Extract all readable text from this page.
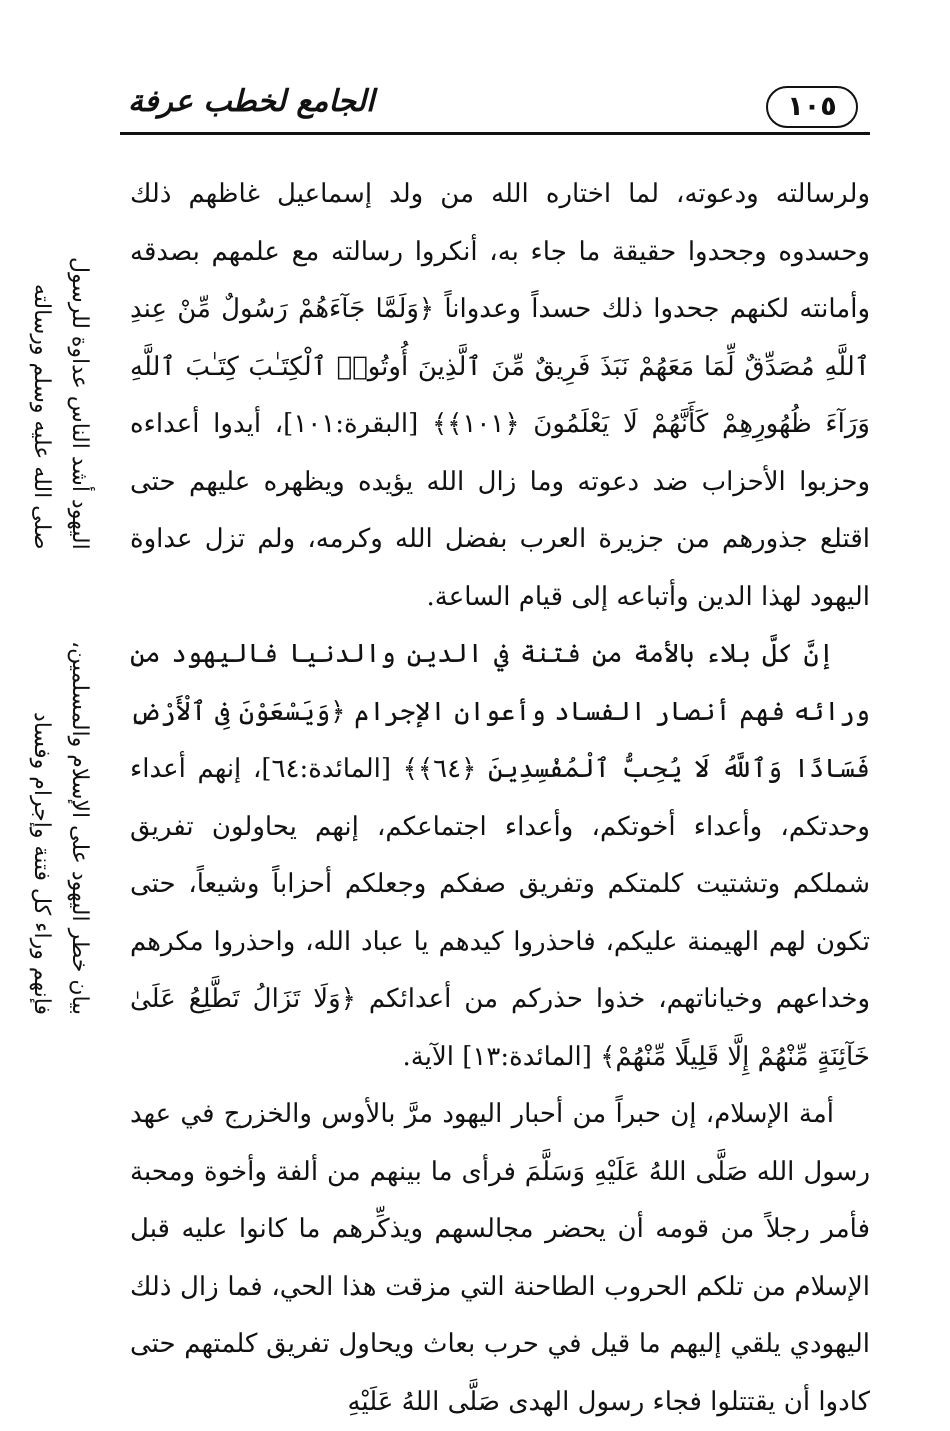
١٠٥
الجامع لخطب عرفة
اليهود أشد الناس عداوة للرسول
صلى الله عليه وسلم ورسالته
بيان خطر اليهود على الإسلام والمسلمين،
فإنهم وراء كل فتنة وإجرام وفساد

ولرسالته ودعوته، لما اختاره الله من ولد إسماعيل غاظهم ذلك وحسدوه وجحدوا حقيقة ما جاء به، أنكروا رسالته مع علمهم بصدقه وأمانته لكنهم جحدوا ذلك حسداً وعدواناً ﴿وَلَمَّا جَآءَهُمْ رَسُولٌ مِّنْ عِندِ ٱللَّهِ مُصَدِّقٌ لِّمَا مَعَهُمْ نَبَذَ فَرِيقٌ مِّنَ ٱلَّذِينَ أُوتُوا۟ ٱلْكِتَـٰبَ كِتَـٰبَ ٱللَّهِ وَرَآءَ ظُهُورِهِمْ كَأَنَّهُمْ لَا يَعْلَمُونَ ﴿١٠١﴾﴾ [البقرة:١٠١]، أيدوا أعداءه وحزبوا الأحزاب ضد دعوته وما زال الله يؤيده ويظهره عليهم حتى اقتلع جذورهم من جزيرة العرب بفضل الله وكرمه، ولم تزل عداوة اليهود لهذا الدين وأتباعه إلى قيام الساعة.

إنَّ كلَّ بلاء بالأمة من فتنة في الدين والدنيا فاليهود من ورائه فهم أنصار الفساد وأعوان الإجرام ﴿وَيَسْعَوْنَ فِى ٱلْأَرْضِ فَسَادًا وَٱللَّهُ لَا يُحِبُّ ٱلْمُفْسِدِينَ ﴿٦٤﴾﴾ [المائدة:٦٤]، إنهم أعداء وحدتكم، وأعداء أخوتكم، وأعداء اجتماعكم، إنهم يحاولون تفريق شملكم وتشتيت كلمتكم وتفريق صفكم وجعلكم أحزاباً وشيعاً، حتى تكون لهم الهيمنة عليكم، فاحذروا كيدهم يا عباد الله، واحذروا مكرهم وخداعهم وخياناتهم، خذوا حذركم من أعدائكم ﴿وَلَا تَزَالُ تَطَّلِعُ عَلَىٰ خَآئِنَةٍ مِّنْهُمْ إِلَّا قَلِيلًا مِّنْهُمْ﴾ [المائدة:١٣] الآية.

أمة الإسلام، إن حبراً من أحبار اليهود مرَّ بالأوس والخزرج في عهد رسول الله صَلَّى اللهُ عَلَيْهِ وَسَلَّمَ فرأى ما بينهم من ألفة وأخوة ومحبة فأمر رجلاً من قومه أن يحضر مجالسهم ويذكِّرهم ما كانوا عليه قبل الإسلام من تلكم الحروب الطاحنة التي مزقت هذا الحي، فما زال ذلك اليهودي يلقي إليهم ما قيل في حرب بعاث ويحاول تفريق كلمتهم حتى كادوا أن يقتتلوا فجاء رسول الهدى صَلَّى اللهُ عَلَيْهِ
